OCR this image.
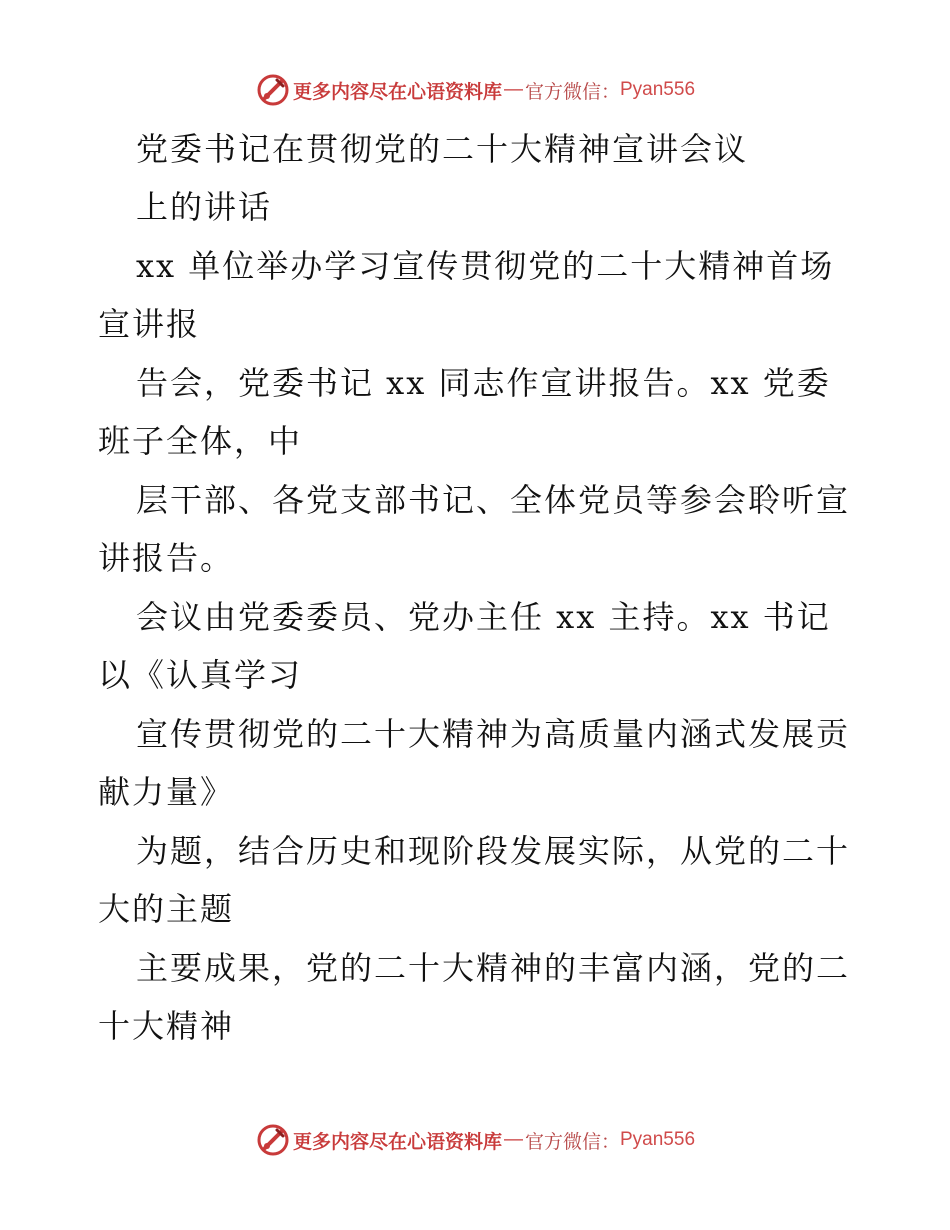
更多内容尽在心语资料库 — 官方微信： Pyan556
党委书记在贯彻党的二十大精神宣讲会议
上的讲话
xx 单位举办学习宣传贯彻党的二十大精神首场
宣讲报
告会，党委书记 xx 同志作宣讲报告。xx 党委
班子全体，中
层干部、各党支部书记、全体党员等参会聆听宣
讲报告。
会议由党委委员、党办主任 xx 主持。xx 书记
以《认真学习
宣传贯彻党的二十大精神为高质量内涵式发展贡
献力量》
为题，结合历史和现阶段发展实际，从党的二十
大的主题
主要成果，党的二十大精神的丰富内涵，党的二
十大精神
更多内容尽在心语资料库 — 官方微信： Pyan556
